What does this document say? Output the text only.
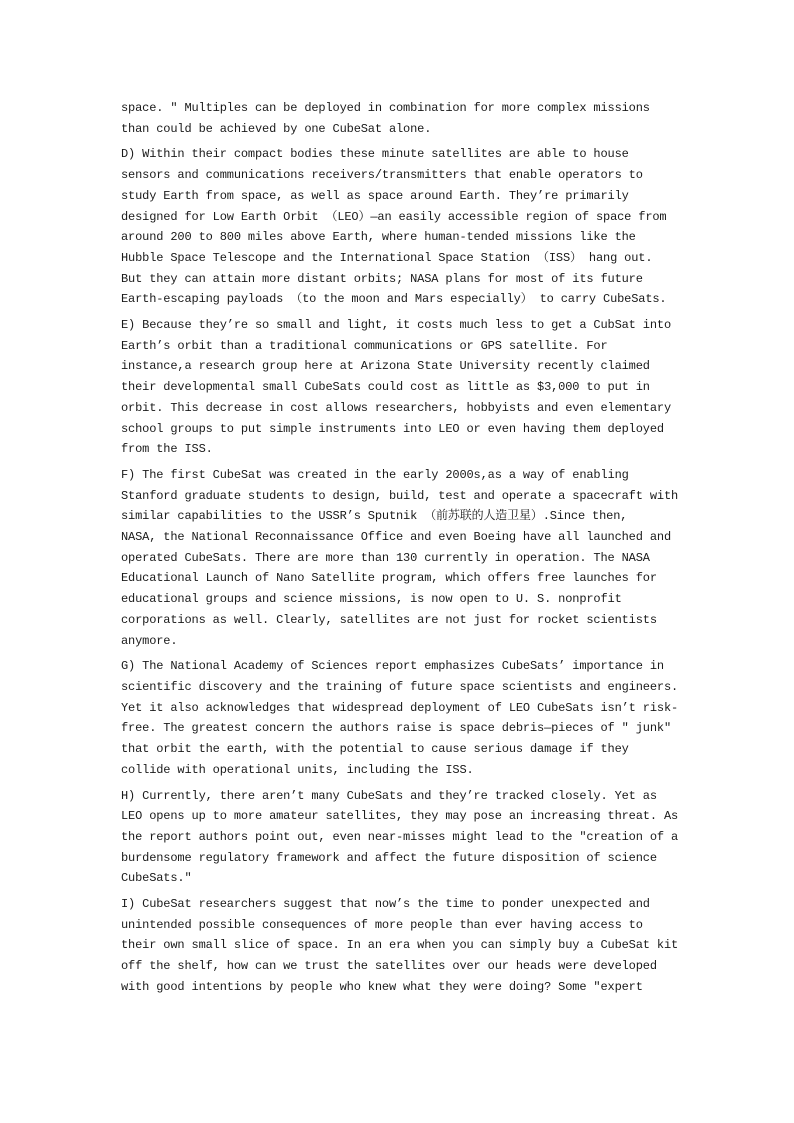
space. ʺ Multiples can be deployed in combination for more complex missions
than could be achieved by one CubeSat alone.
D) Within their compact bodies these minute satellites are able to house
sensors and communications receivers/transmitters that enable operators to
study Earth from space, as well as space around Earth. They’re primarily
designed for Low Earth Orbit （LEO）—an easily accessible region of space from
around 200 to 800 miles above Earth, where human-tended missions like the
Hubble Space Telescope and the International Space Station （ISS） hang out.
But they can attain more distant orbits; NASA plans for most of its future
Earth-escaping payloads （to the moon and Mars especially） to carry CubeSats.
E) Because they’re so small and light, it costs much less to get a CubSat into
Earth’s orbit than a traditional communications or GPS satellite. For
instance,a research group here at Arizona State University recently claimed
their developmental small CubeSats could cost as little as $3,000 to put in
orbit. This decrease in cost allows researchers, hobbyists and even elementary
school groups to put simple instruments into LEO or even having them deployed
from the ISS.
F) The first CubeSat was created in the early 2000s,as a way of enabling
Stanford graduate students to design, build, test and operate a spacecraft with
similar capabilities to the USSR’s Sputnik （前苏联的人造卫星）.Since then,
NASA, the National Reconnaissance Office and even Boeing have all launched and
operated CubeSats. There are more than 130 currently in operation. The NASA
Educational Launch of Nano Satellite program, which offers free launches for
educational groups and science missions, is now open to U. S. nonprofit
corporations as well. Clearly, satellites are not just for rocket scientists
anymore.
G) The National Academy of Sciences report emphasizes CubeSats’ importance in
scientific discovery and the training of future space scientists and engineers.
Yet it also acknowledges that widespread deployment of LEO CubeSats isn’t risk-
free. The greatest concern the authors raise is space debris—pieces of ʺ junkʺ
that orbit the earth, with the potential to cause serious damage if they
collide with operational units, including the ISS.
H) Currently, there aren’t many CubeSats and they’re tracked closely. Yet as
LEO opens up to more amateur satellites, they may pose an increasing threat. As
the report authors point out, even near-misses might lead to the ʺcreation of a
burdensome regulatory framework and affect the future disposition of science
CubeSats.ʺ
I) CubeSat researchers suggest that now’s the time to ponder unexpected and
unintended possible consequences of more people than ever having access to
their own small slice of space. In an era when you can simply buy a CubeSat kit
off the shelf, how can we trust the satellites over our heads were developed
with good intentions by people who knew what they were doing? Some ʺexpert
